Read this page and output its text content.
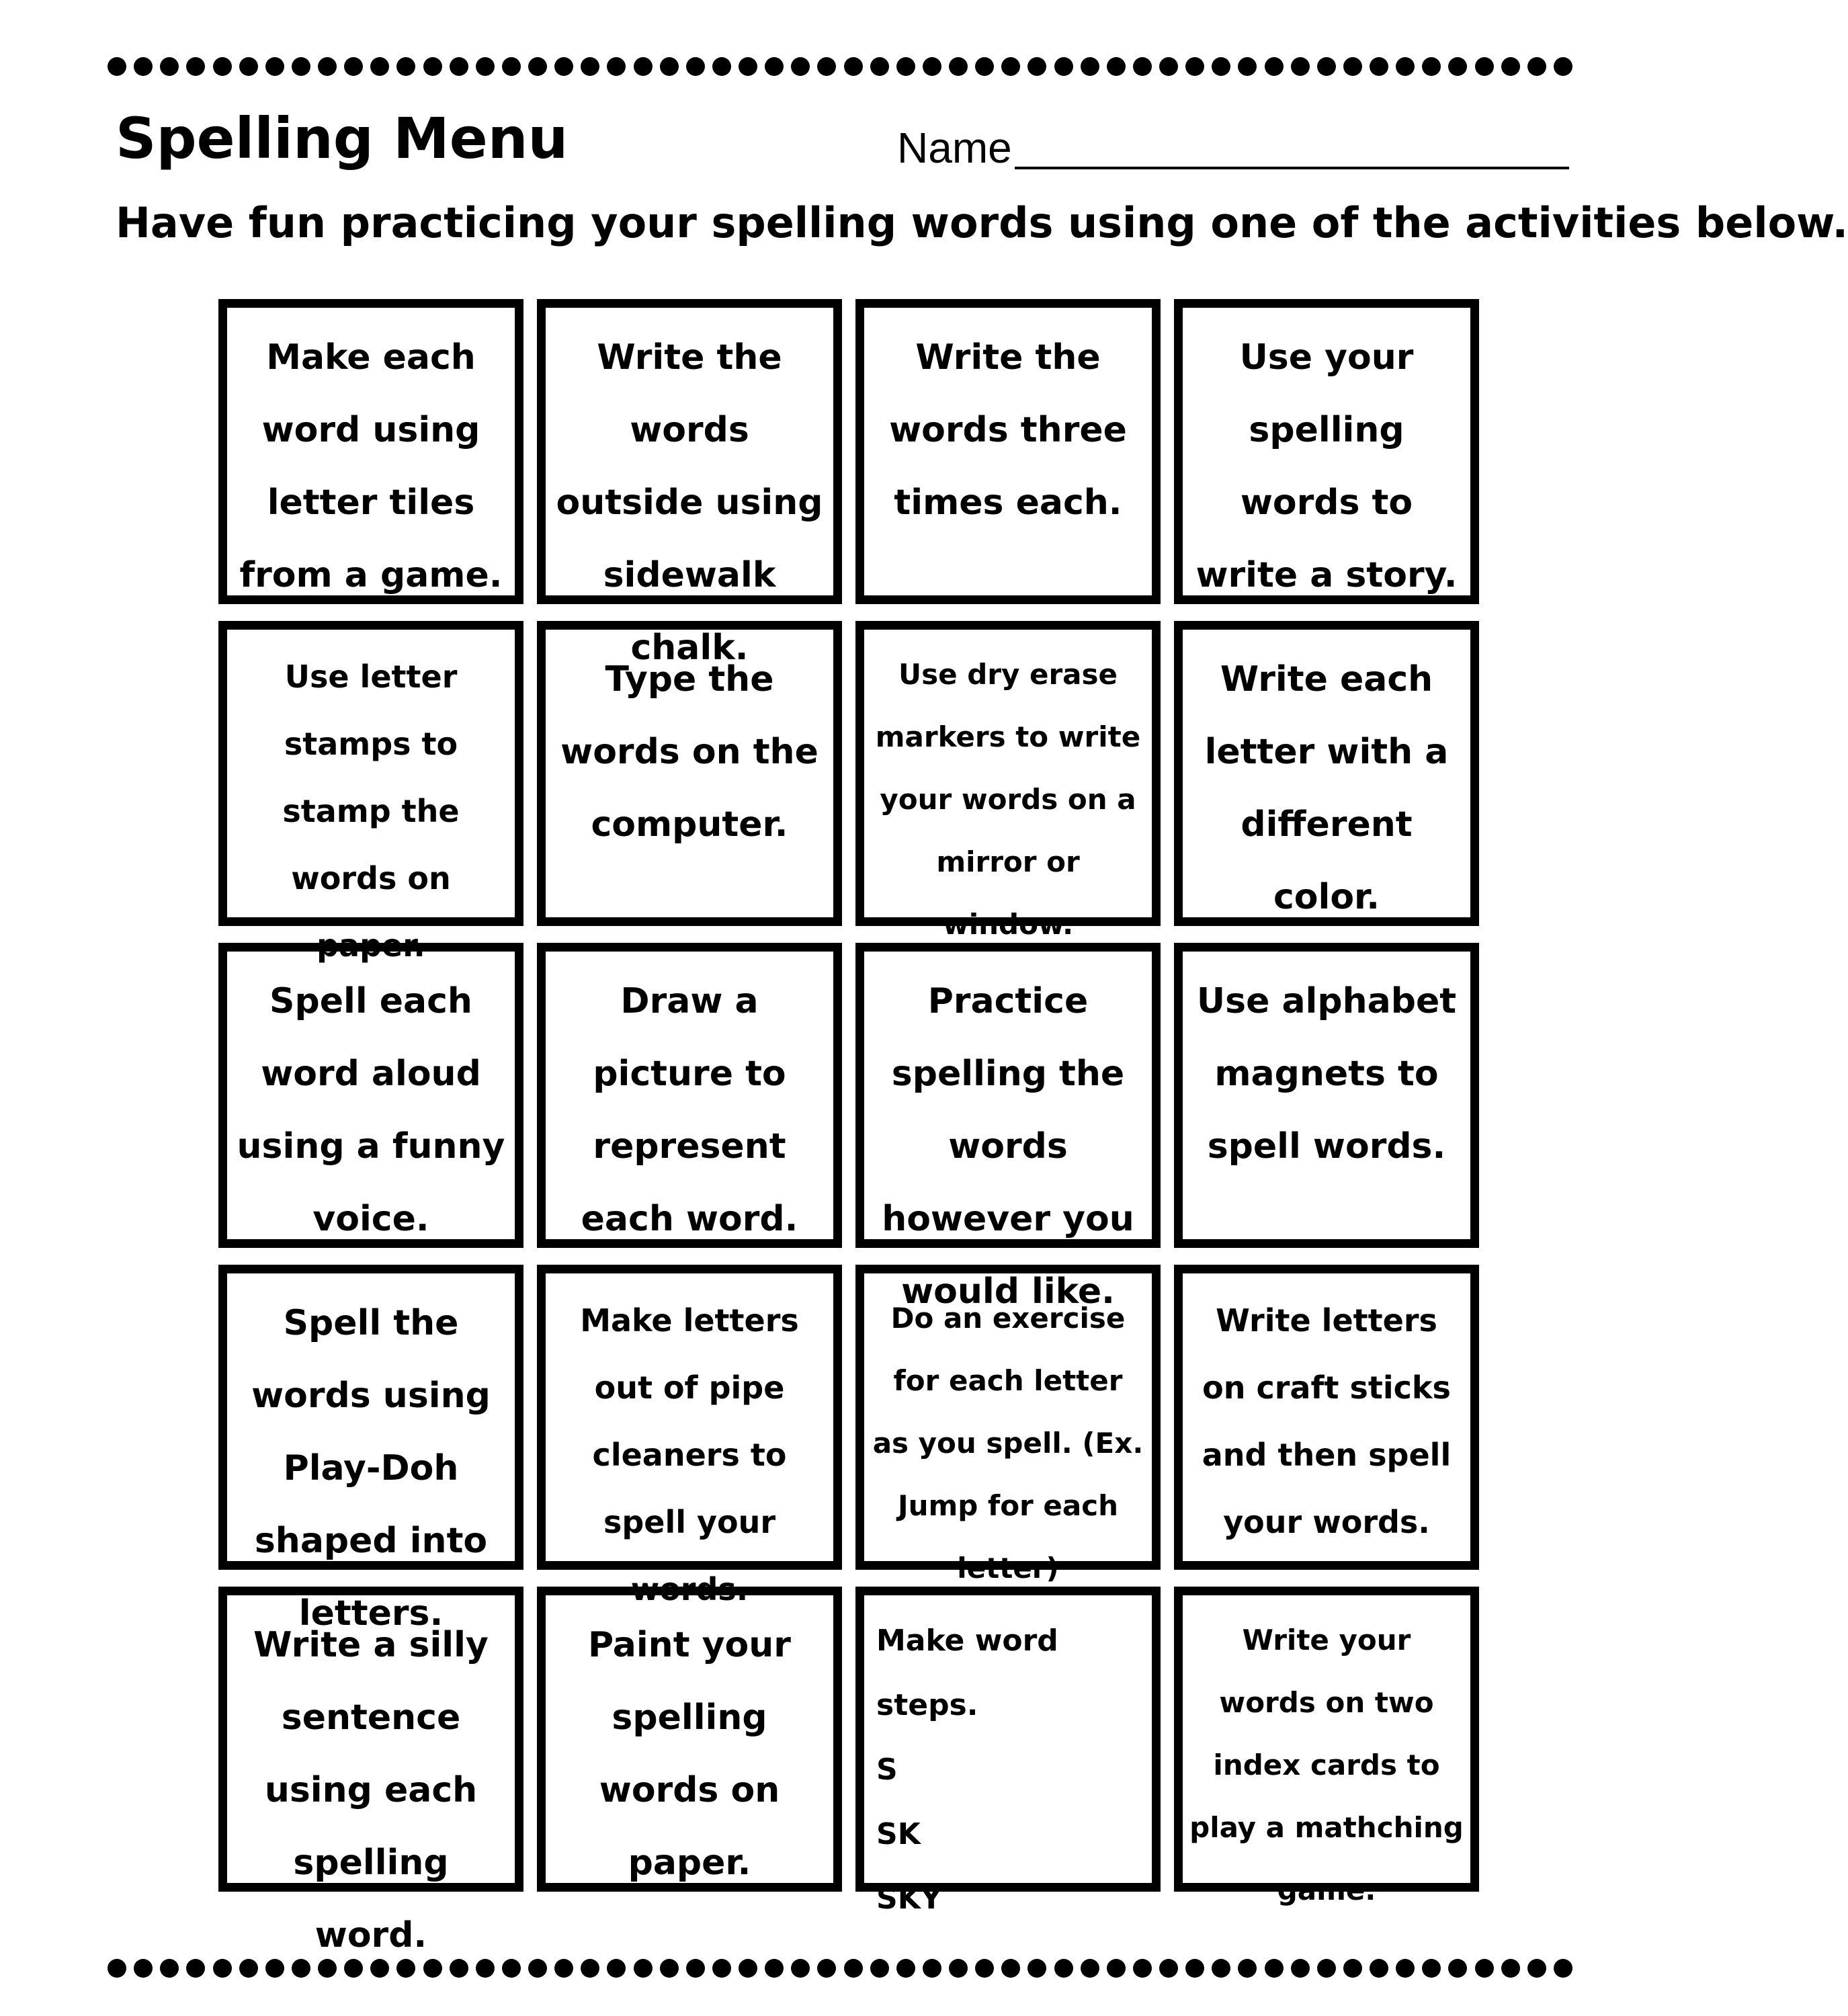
Spelling Menu	Name

Have fun practicing your spelling words using one of the activities below.

Make each word using letter tiles from a game.
Write the words outside using sidewalk chalk.
Write the words three times each.
Use your spelling words to write a story.
Use letter stamps to stamp the words on paper.
Type the words on the computer.
Use dry erase markers to write your words on a mirror or window.
Write each letter with a different color.
Spell each word aloud using a funny voice.
Draw a picture to represent each word.
Practice spelling the words however you would like.
Use alphabet magnets to spell words.
Spell the words using Play-Doh shaped into letters.
Make letters out of pipe cleaners to spell your words.
Do an exercise for each letter as you spell. (Ex. Jump for each letter)
Write letters on craft sticks and then spell your words.
Write a silly sentence using each spelling word.
Paint your spelling words on paper.
Make word steps.
S
SK
SKY
Write your words on two index cards to play a mathching game.
